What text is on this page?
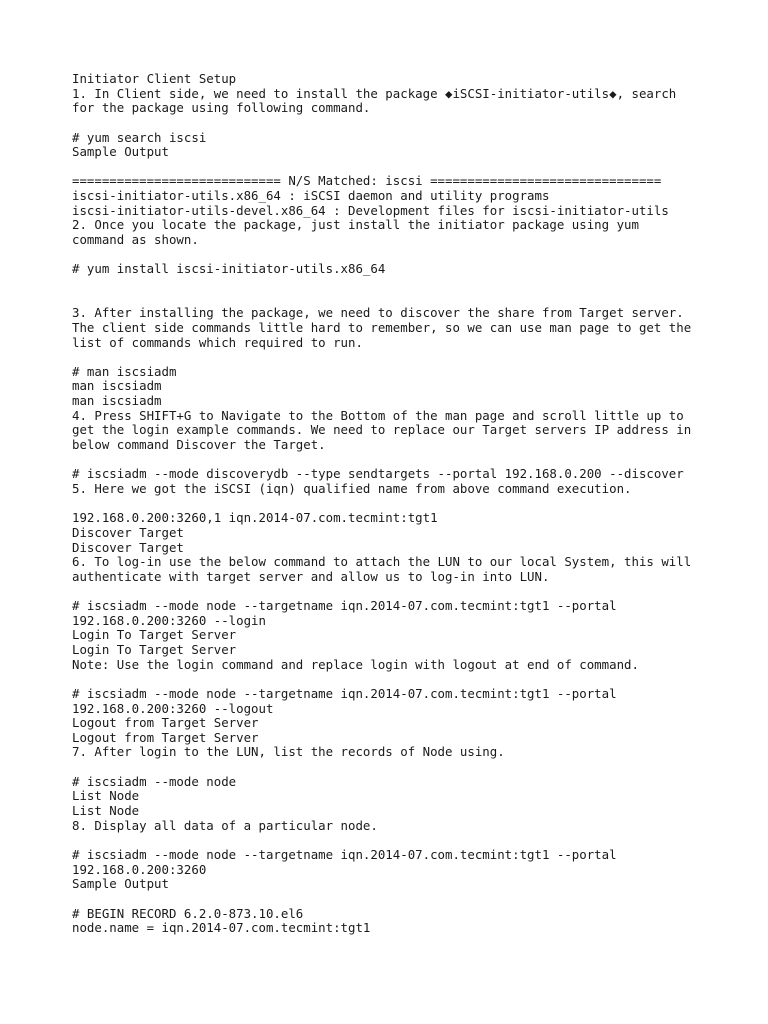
Initiator Client Setup
1. In Client side, we need to install the package ◆iSCSI-initiator-utils◆, search
for the package using following command.
# yum search iscsi
Sample Output
============================ N/S Matched: iscsi ===============================
iscsi-initiator-utils.x86_64 : iSCSI daemon and utility programs
iscsi-initiator-utils-devel.x86_64 : Development files for iscsi-initiator-utils
2. Once you locate the package, just install the initiator package using yum
command as shown.
# yum install iscsi-initiator-utils.x86_64
3. After installing the package, we need to discover the share from Target server.
The client side commands little hard to remember, so we can use man page to get the
list of commands which required to run.
# man iscsiadm
man iscsiadm
man iscsiadm
4. Press SHIFT+G to Navigate to the Bottom of the man page and scroll little up to
get the login example commands. We need to replace our Target servers IP address in
below command Discover the Target.
# iscsiadm --mode discoverydb --type sendtargets --portal 192.168.0.200 --discover
5. Here we got the iSCSI (iqn) qualified name from above command execution.
192.168.0.200:3260,1 iqn.2014-07.com.tecmint:tgt1
Discover Target
Discover Target
6. To log-in use the below command to attach the LUN to our local System, this will
authenticate with target server and allow us to log-in into LUN.
# iscsiadm --mode node --targetname iqn.2014-07.com.tecmint:tgt1 --portal
192.168.0.200:3260 --login
Login To Target Server
Login To Target Server
Note: Use the login command and replace login with logout at end of command.
# iscsiadm --mode node --targetname iqn.2014-07.com.tecmint:tgt1 --portal
192.168.0.200:3260 --logout
Logout from Target Server
Logout from Target Server
7. After login to the LUN, list the records of Node using.
# iscsiadm --mode node
List Node
List Node
8. Display all data of a particular node.
# iscsiadm --mode node --targetname iqn.2014-07.com.tecmint:tgt1 --portal
192.168.0.200:3260
Sample Output
# BEGIN RECORD 6.2.0-873.10.el6
node.name = iqn.2014-07.com.tecmint:tgt1
